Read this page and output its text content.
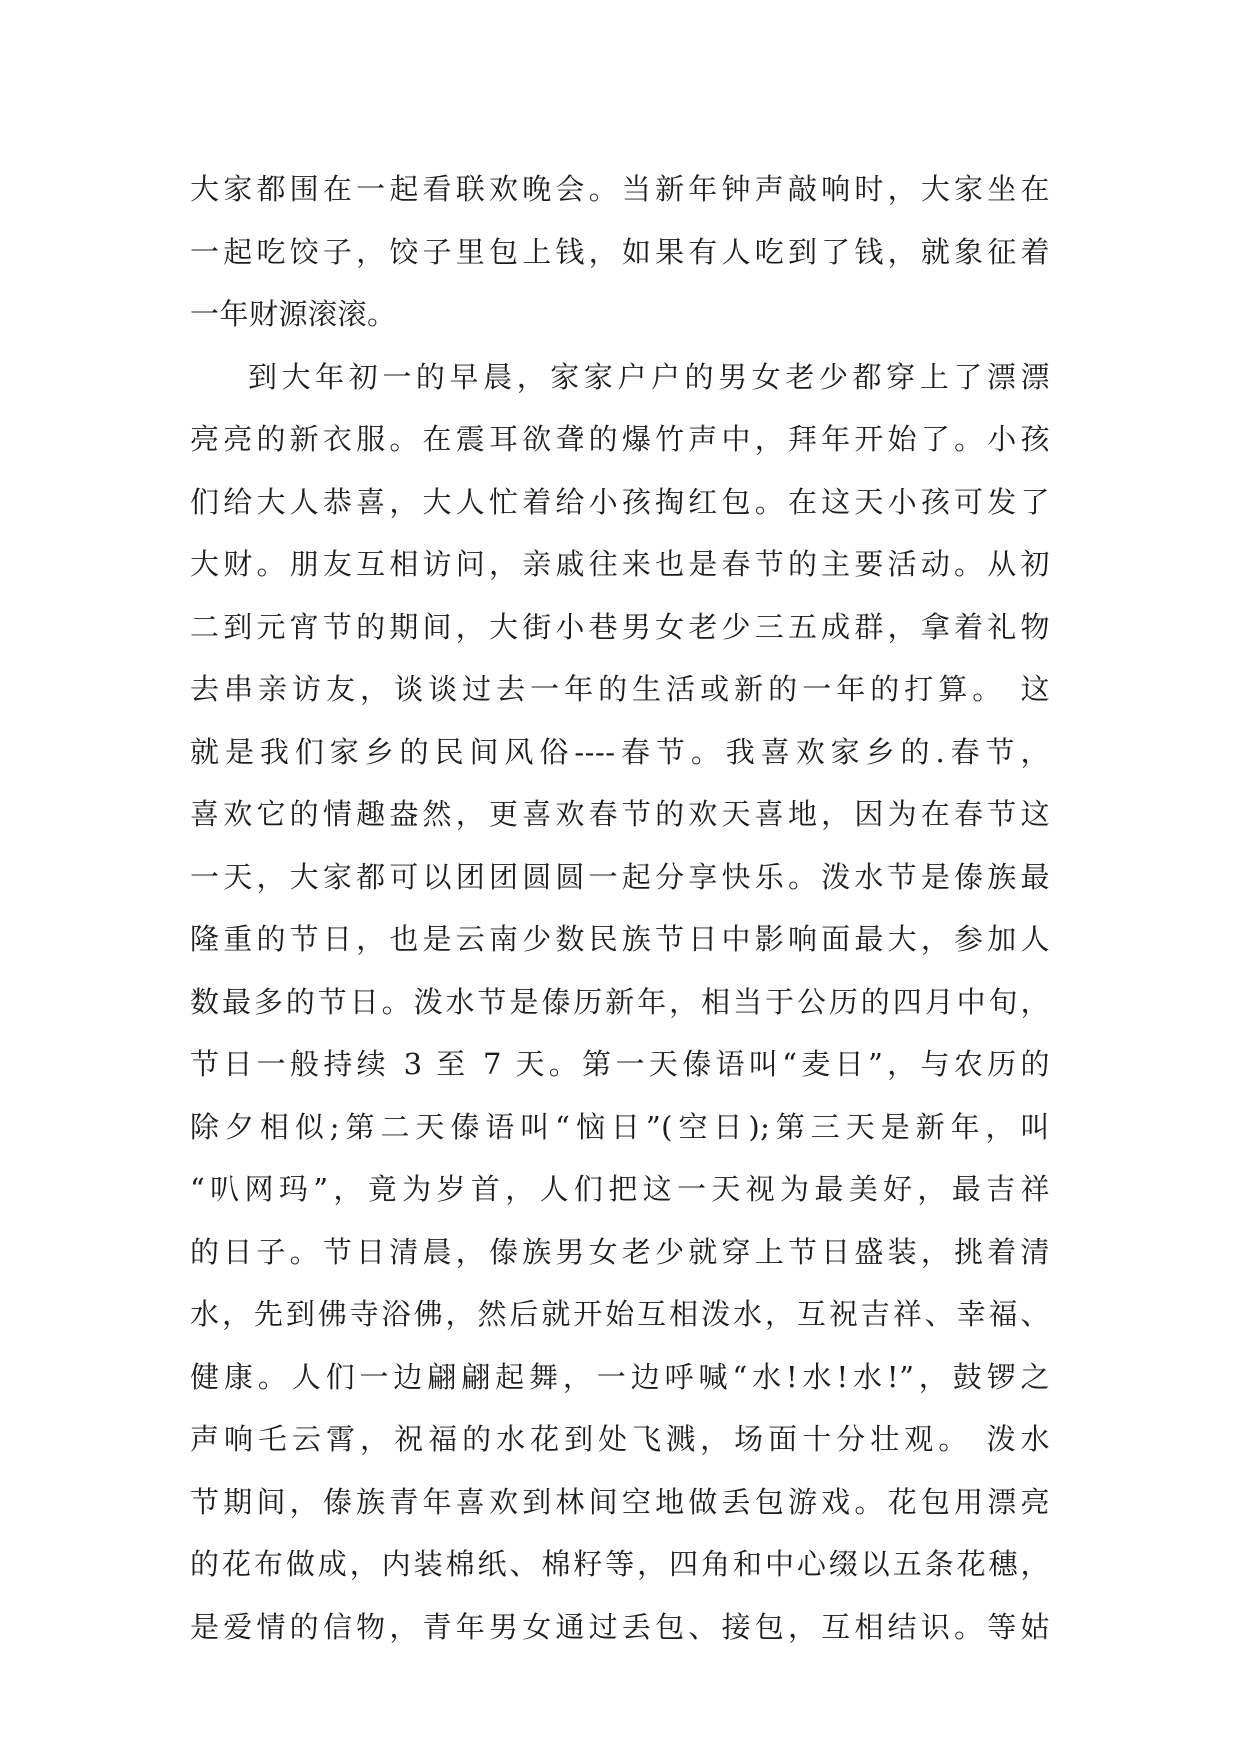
大家都围在一起看联欢晚会。当新年钟声敲响时，大家坐在
一起吃饺子，饺子里包上钱，如果有人吃到了钱，就象征着
一年财源滚滚。
到大年初一的早晨，家家户户的男女老少都穿上了漂漂
亮亮的新衣服。在震耳欲聋的爆竹声中，拜年开始了。小孩
们给大人恭喜，大人忙着给小孩掏红包。在这天小孩可发了
大财。朋友互相访问，亲戚往来也是春节的主要活动。从初
二到元宵节的期间，大街小巷男女老少三五成群，拿着礼物
去串亲访友，谈谈过去一年的生活或新的一年的打算。 这
就是我们家乡的民间风俗----春节。我喜欢家乡的.春节，
喜欢它的情趣盎然，更喜欢春节的欢天喜地，因为在春节这
一天，大家都可以团团圆圆一起分享快乐。泼水节是傣族最
隆重的节日，也是云南少数民族节日中影响面最大，参加人
数最多的节日。泼水节是傣历新年，相当于公历的四月中旬，
节日一般持续 3 至 7 天。第一天傣语叫“麦日”，与农历的
除夕相似;第二天傣语叫“恼日”(空日);第三天是新年，叫
“叭网玛”，竟为岁首，人们把这一天视为最美好，最吉祥
的日子。节日清晨，傣族男女老少就穿上节日盛装，挑着清
水，先到佛寺浴佛，然后就开始互相泼水，互祝吉祥、幸福、
健康。人们一边翩翩起舞，一边呼喊“水!水!水!”，鼓锣之
声响乇云霄，祝福的水花到处飞溅，场面十分壮观。 泼水
节期间，傣族青年喜欢到林间空地做丢包游戏。花包用漂亮
的花布做成，内装棉纸、棉籽等，四角和中心缀以五条花穗，
是爱情的信物，青年男女通过丢包、接包，互相结识。等姑
